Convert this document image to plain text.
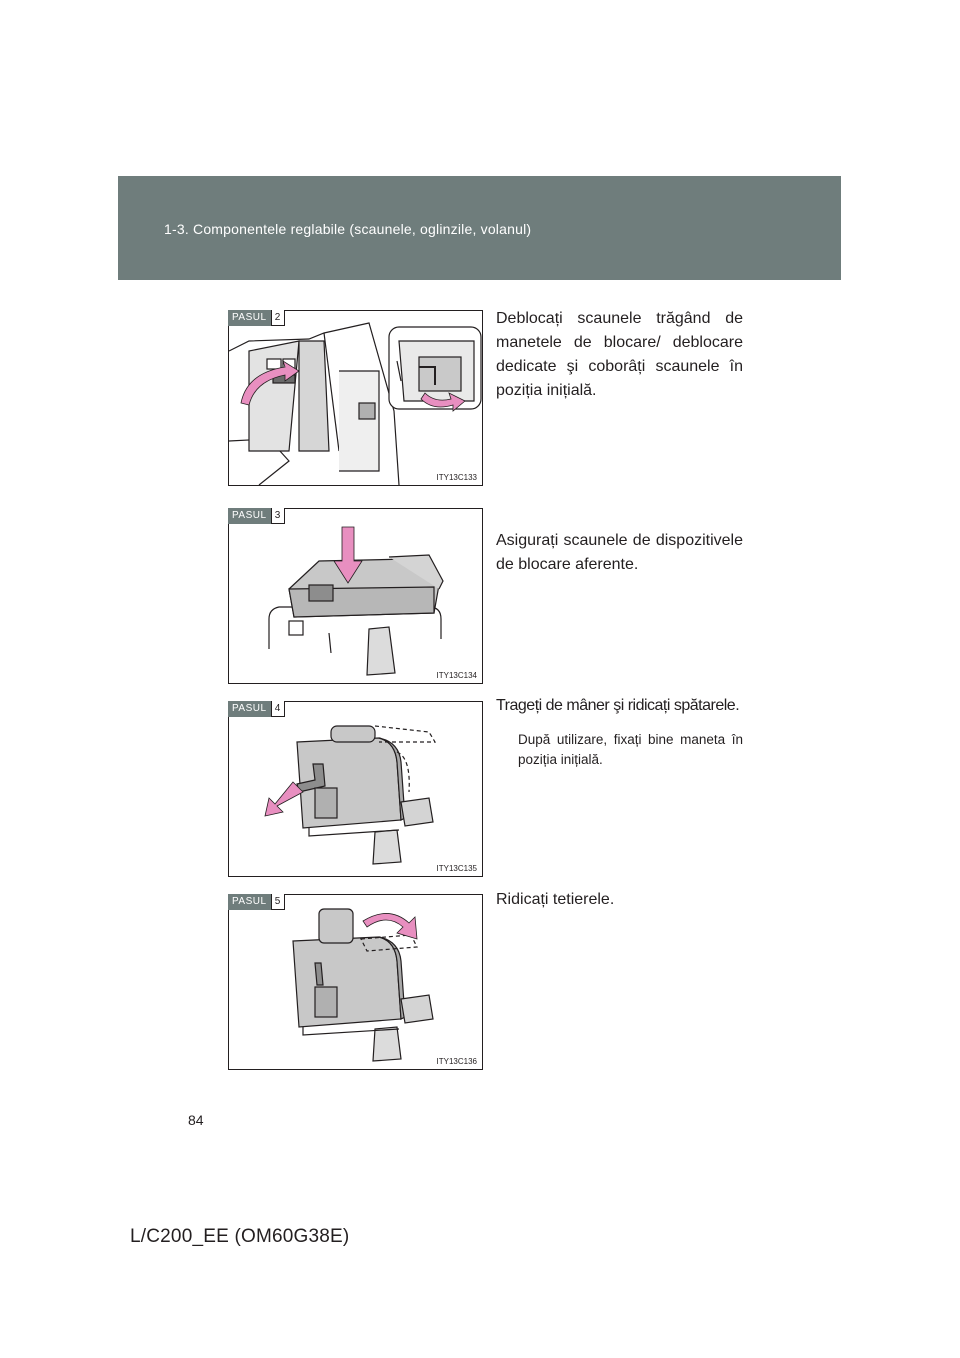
1-3. Componentele reglabile (scaunele, oglinzile, volanul)
PASUL 2
ITY13C133
Deblocați scaunele trăgând de manetele de blocare/ deblocare dedicate şi coborâți scaunele în poziția inițială.
PASUL 3
ITY13C134
Asigurați scaunele de dispozitivele de blocare aferente.
PASUL 4
ITY13C135
Trageți de mâner şi ridicați spătarele.
După utilizare, fixați bine maneta în poziția inițială.
PASUL 5
ITY13C136
Ridicați tetierele.
84
L/C200_EE (OM60G38E)
